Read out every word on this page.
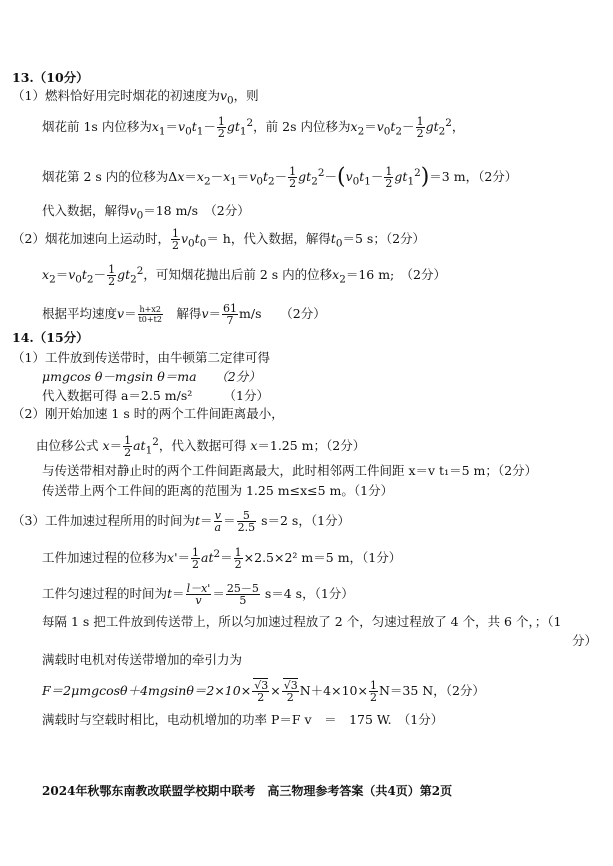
13.（10分）
（1）燃料恰好用完时烟花的初速度为$v_0$，则
烟花前 1s 内位移为$x_1=v_0t_1- \frac{1}{2} gt_1^2$，前 2s 内位移为$x_2=v_0t_2- \frac{1}{2} gt_2^2$，
烟花第 2 s 内的位移为$\Delta x=x_2-x_1=v_0t_2- \frac{1}{2} gt_2^2-(v_0t_1- \frac{1}{2} gt_1^2)=3$ m，（2分）
代入数据，解得$v_0=18$ m/s　（2分）
（2）烟花加速向上运动时， $\frac{1}{2} v_0t_0= h$，代入数据，解得$t_0=5$ s；（2分）
$x_2=v_0t_2- \frac{1}{2} gt_2^2$，可知烟花抛出后前 2 s 内的位移$x_2=16$ m;　（2分）
根据平均速度$v= \frac{h+x2}{t0+t2}$
　 解得$v= \frac{61}{7} m/s$　　（2分）
14.（15分）
（1）工件放到传送带时，由牛顿第二定律可得
μmgcos θ－mgsin θ＝ma　　（2分）
代入数据可得 a＝2.5 m/s²　　　（1分）
（2）刚开始加速 1 s 时的两个工件间距离最小，
由位移公式 $x= \frac{1}{2} at_1^2$，代入数据可得 x＝1.25 m；（2分）
与传送带相对静止时的两个工件间距离最大，此时相邻两工件间距 x＝v t₁＝5 m；（2分）
传送带上两个工件间的距离的范围为 1.25 m≤x≤5 m。（1分）
（3）工件加速过程所用的时间为$t= \frac{v}{a} = \frac{5}{2.5} s=2$ s，（1分）
工件加速过程的位移为$x'= \frac{1}{2} at^2= \frac{1}{2} \times 2.5\times 2^2$ m＝5 m，（1分）
工件匀速过程的时间为$t= \frac{l-x'}{v} = \frac{25-5}{5} s=4$ s，（1分）
每隔 1 s 把工件放到传送带上，所以匀加速过程放了 2 个，匀速过程放了 4 个，共 6 个，；（1
分）
满载时电机对传送带增加的牵引力为
$F=2\mu mgcos\theta+4mgsin\theta=2\times 10\times \frac{√3}{2} \times \frac{√3}{2} N+4\times 10\times \frac{1}{2} N=35$ N，（2分）
满载时与空载时相比，电动机增加的功率 P＝F v　＝　175 W.　（1分）
2024年秋鄂东南教改联盟学校期中联考　高三物理参考答案（共4页）第2页
